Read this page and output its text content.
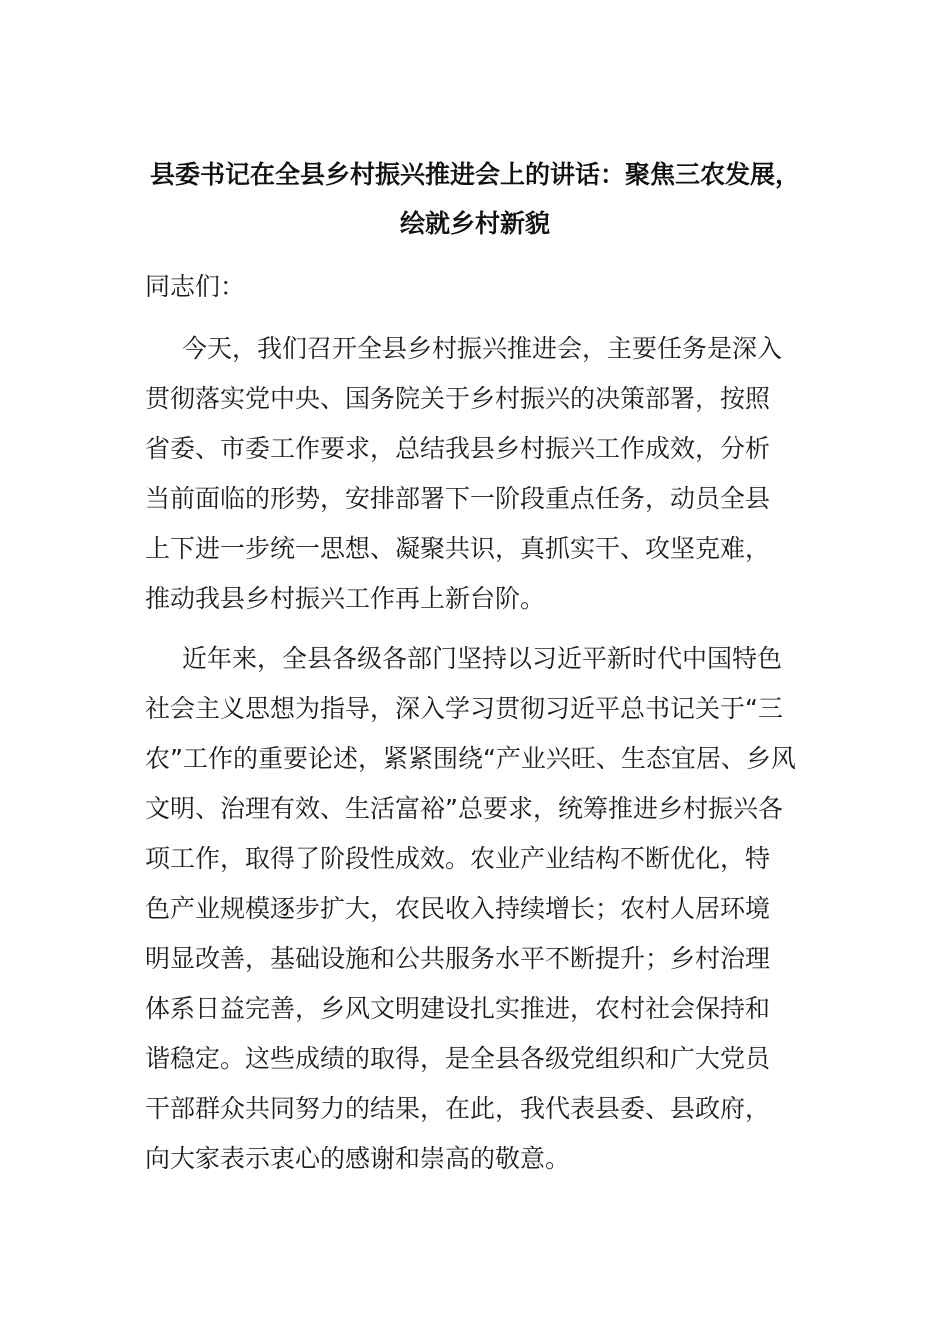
县委书记在全县乡村振兴推进会上的讲话：聚焦三农发展，
绘就乡村新貌
同志们：
今天，我们召开全县乡村振兴推进会，主要任务是深入
贯彻落实党中央、国务院关于乡村振兴的决策部署，按照
省委、市委工作要求，总结我县乡村振兴工作成效，分析
当前面临的形势，安排部署下一阶段重点任务，动员全县
上下进一步统一思想、凝聚共识，真抓实干、攻坚克难，
推动我县乡村振兴工作再上新台阶。
近年来，全县各级各部门坚持以习近平新时代中国特色
社会主义思想为指导，深入学习贯彻习近平总书记关于“三
农”工作的重要论述，紧紧围绕“产业兴旺、生态宜居、乡风
文明、治理有效、生活富裕”总要求，统筹推进乡村振兴各
项工作，取得了阶段性成效。农业产业结构不断优化，特
色产业规模逐步扩大，农民收入持续增长；农村人居环境
明显改善，基础设施和公共服务水平不断提升；乡村治理
体系日益完善，乡风文明建设扎实推进，农村社会保持和
谐稳定。这些成绩的取得，是全县各级党组织和广大党员
干部群众共同努力的结果，在此，我代表县委、县政府，
向大家表示衷心的感谢和崇高的敬意。
